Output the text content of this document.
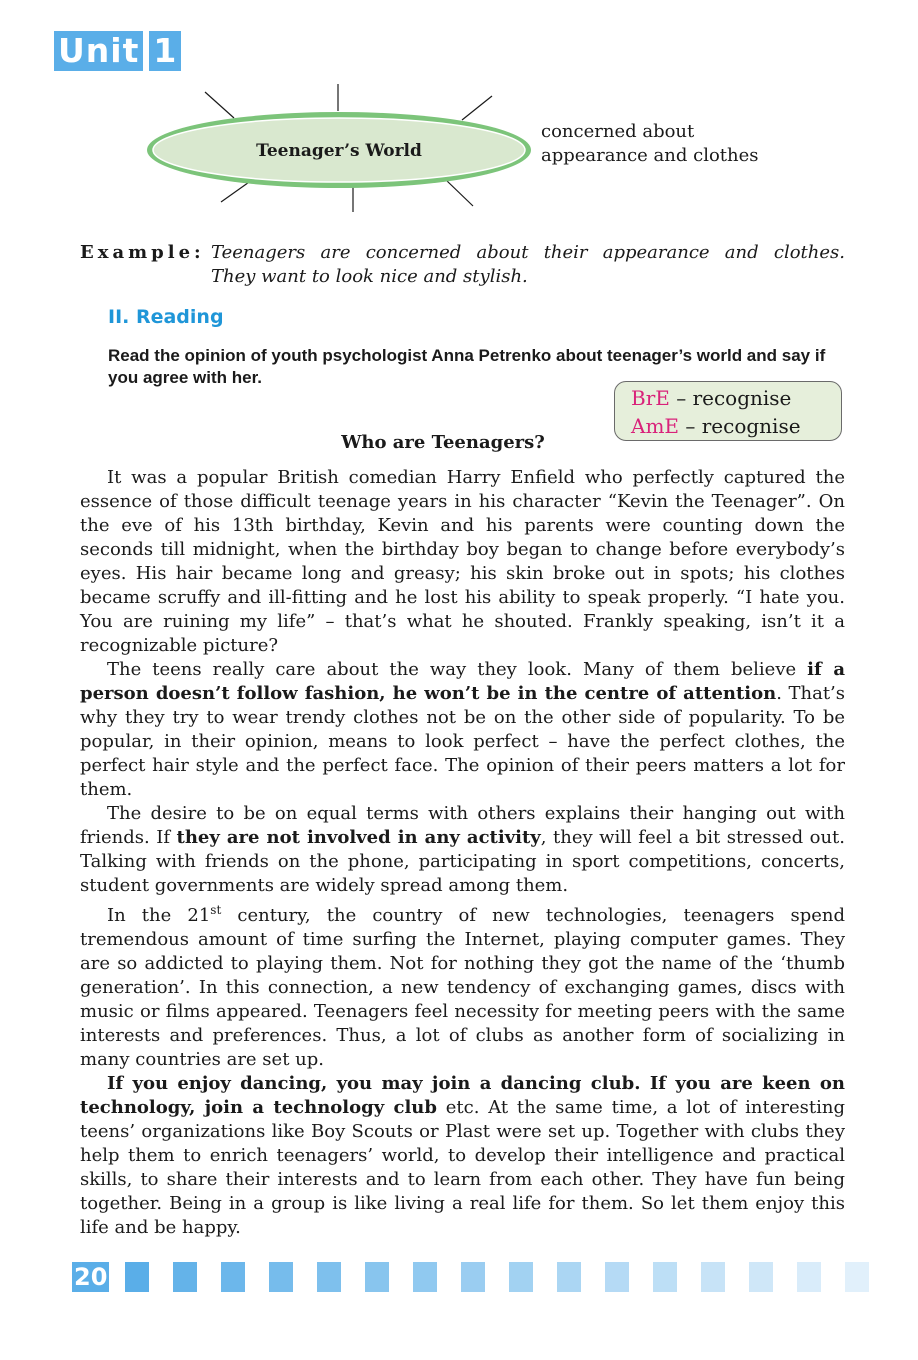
Unit 1
Teenager’s World
concerned about
appearance and clothes
Example: Teenagers are concerned about their appearance and clothes.
They want to look nice and stylish.
II. Reading
Read the opinion of youth psychologist Anna Petrenko about teenager’s world and say if you agree with her.
BrE – recognise
AmE – recognise
Who are Teenagers?

It was a popular British comedian Harry Enfield who perfectly captured the essence of those difficult teenage years in his character “Kevin the Teenager”. On the eve of his 13th birthday, Kevin and his parents were counting down the seconds till midnight, when the birthday boy began to change before everybody’s eyes. His hair became long and greasy; his skin broke out in spots; his clothes became scruffy and ill-fitting and he lost his ability to speak properly. “I hate you. You are ruining my life” – that’s what he shouted. Frankly speaking, isn’t it a recognizable picture?

The teens really care about the way they look. Many of them believe if a person doesn’t follow fashion, he won’t be in the centre of attention. That’s why they try to wear trendy clothes not be on the other side of popularity. To be popular, in their opinion, means to look perfect – have the perfect clothes, the perfect hair style and the perfect face. The opinion of their peers matters a lot for them.

The desire to be on equal terms with others explains their hanging out with friends. If they are not involved in any activity, they will feel a bit stressed out. Talking with friends on the phone, participating in sport competitions, concerts, student governments are widely spread among them.

In the 21st century, the country of new technologies, teenagers spend tremendous amount of time surfing the Internet, playing computer games. They are so addicted to playing them. Not for nothing they got the name of the ‘thumb generation’. In this connection, a new tendency of exchanging games, discs with music or films appeared. Teenagers feel necessity for meeting peers with the same interests and preferences. Thus, a lot of clubs as another form of socializing in many countries are set up.

If you enjoy dancing, you may join a dancing club. If you are keen on technology, join a technology club etc. At the same time, a lot of interesting teens’ organizations like Boy Scouts or Plast were set up. Together with clubs they help them to enrich teenagers’ world, to develop their intelligence and practical skills, to share their interests and to learn from each other. They have fun being together. Being in a group is like living a real life for them. So let them enjoy this life and be happy.

20
